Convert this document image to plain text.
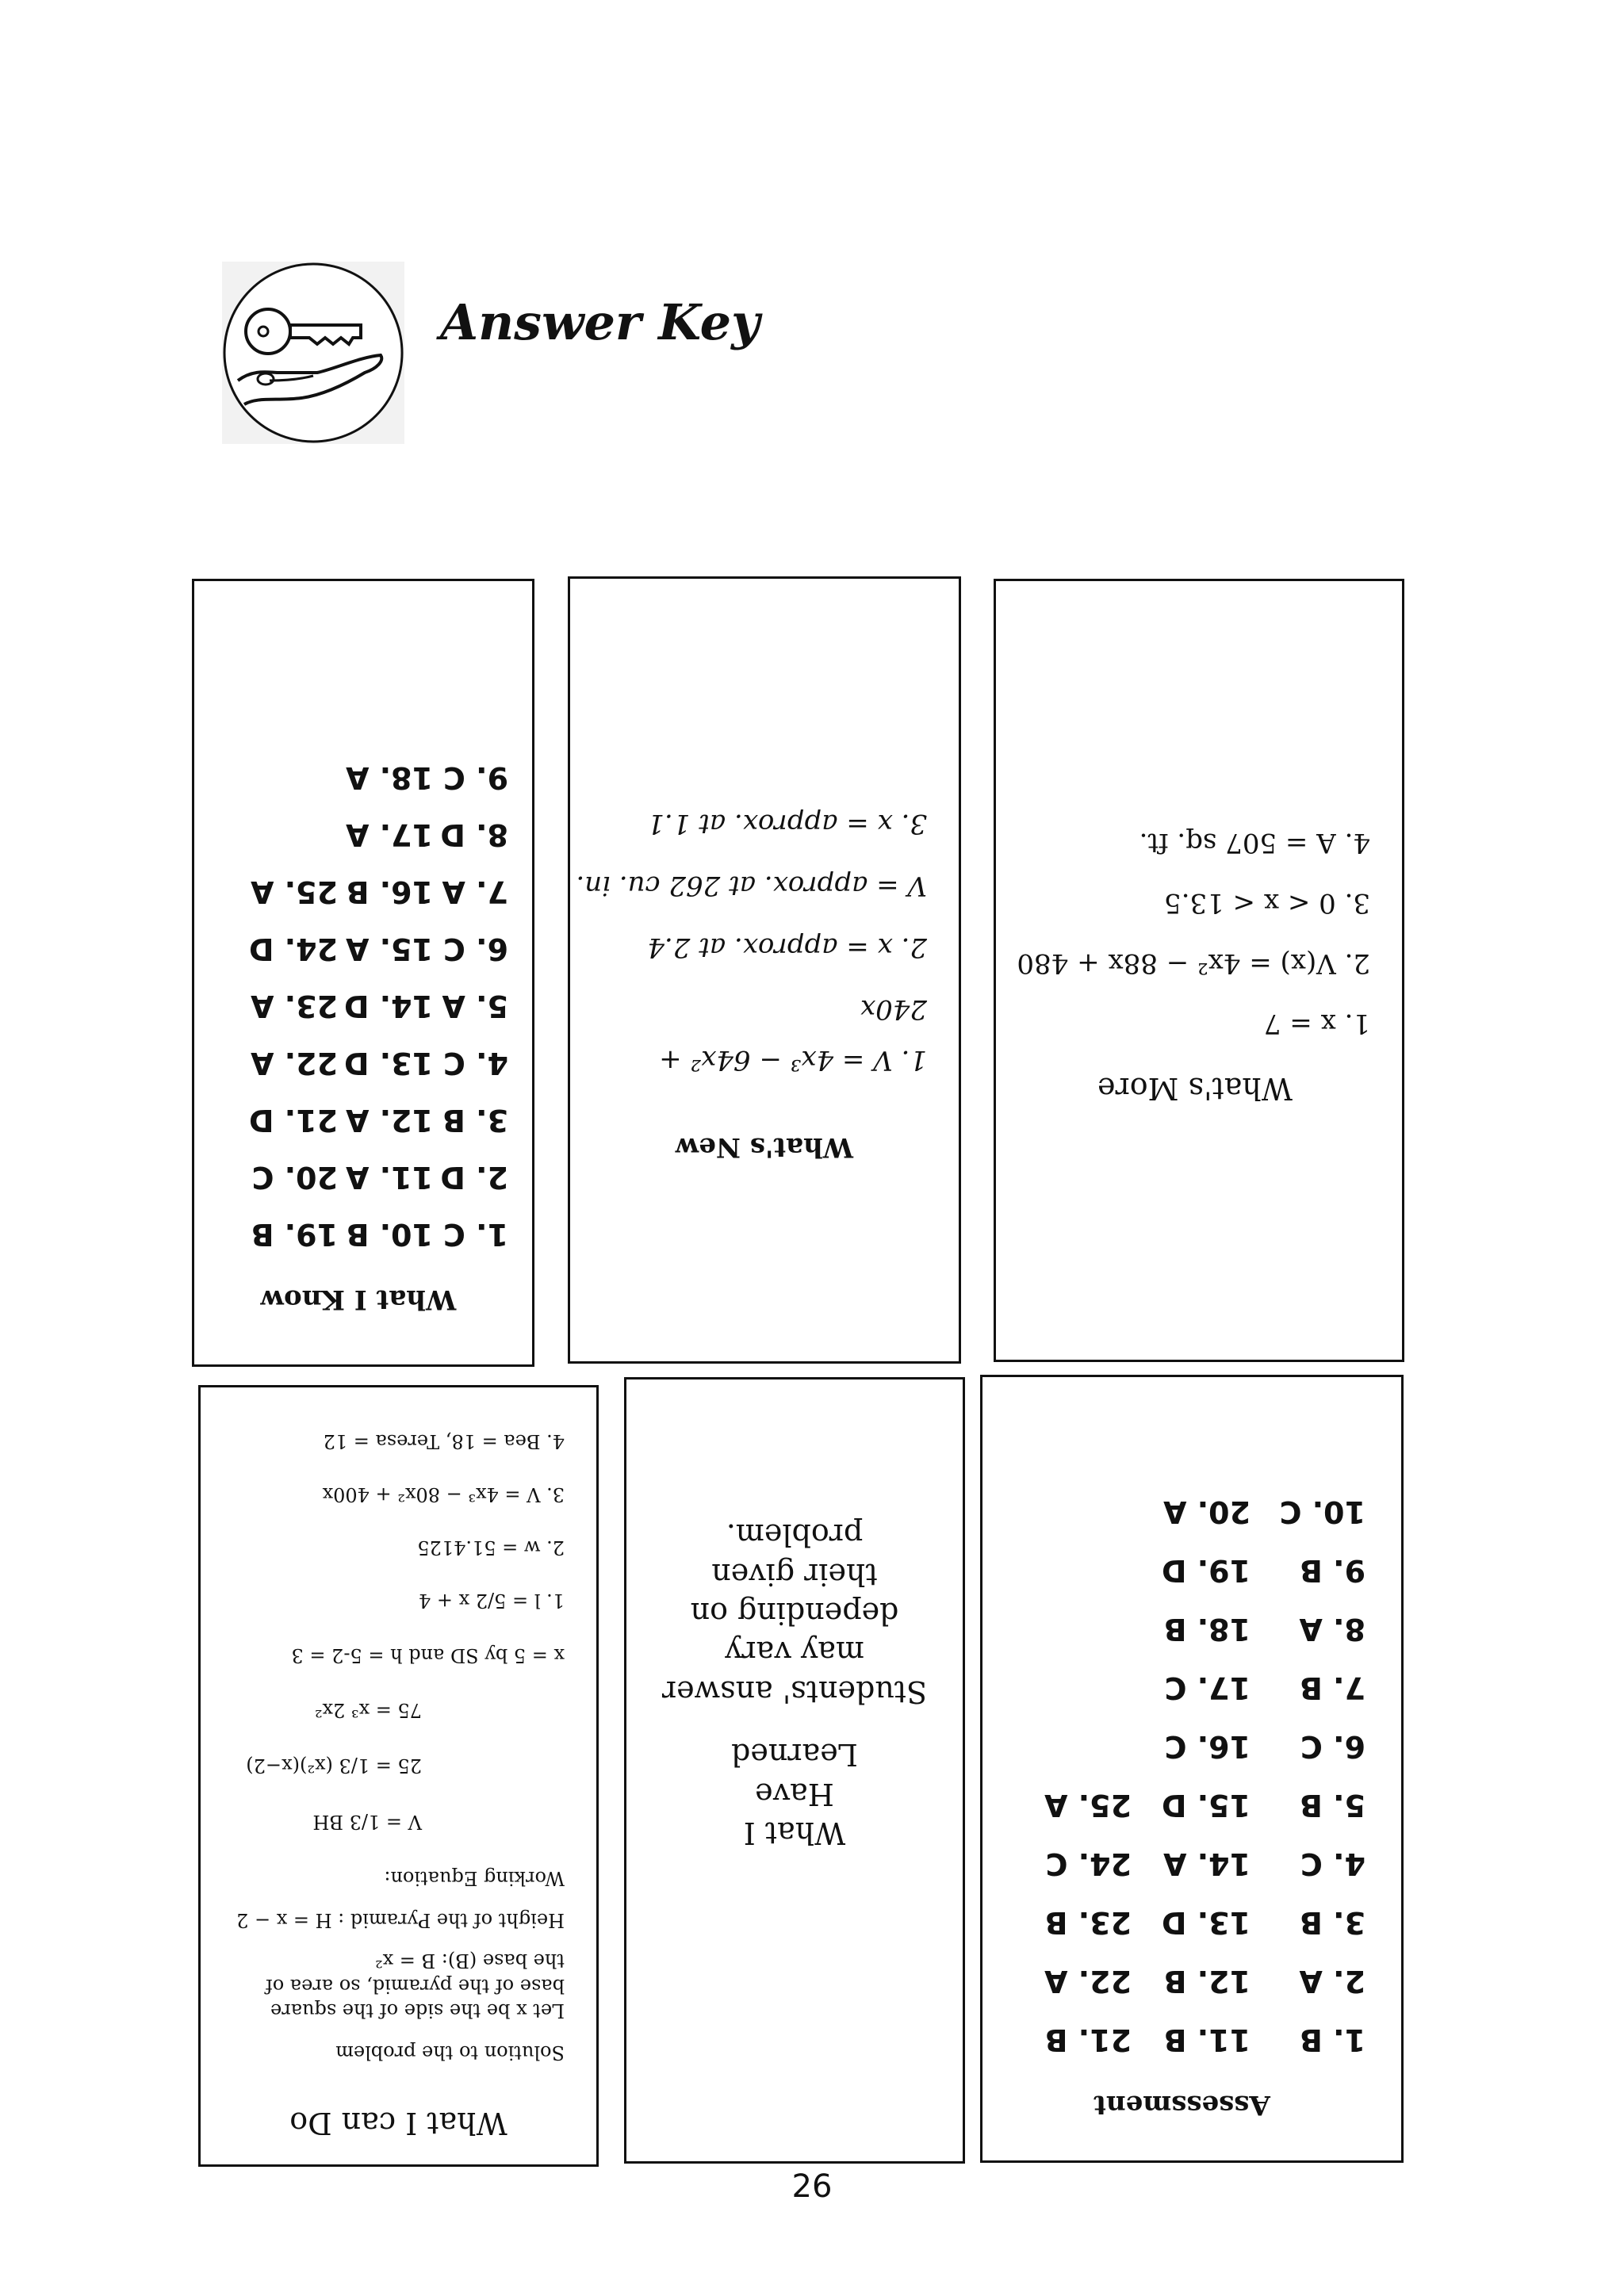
Answer Key
What I Know
1. C
10. B
19. B
2. D
11. A
20. C
3. B
12. A
21. D
4. C
13. D
22. A
5. A
14. D
23. A
6. C
15. A
24. D
7. A
16. B
25. A
8. D
17. A
9. C
18. A
What's New
1. V = 4x³ − 64x² +
240x
2. x = approx. at 2.4
V = approx. at 262 cu. in.
3. x = approx. at 1.1
What's More
1. x = 7
2. V(x) = 4x² − 88x + 480
3. 0 < x < 13.5
4. A = 507 sq. ft.
What I can Do
Solution to the problem
Let x be the side of the square base of the pyramid, so area of the base (B): B = x²
Height of the Pyramid : H = x − 2
Working Equation:
V = 1/3 BH
25 = 1/3 (x²)(x−2)
75 = x³ 2x²
x = 5 by SD and h = 5-2 = 3
1. l = 5/2 x + 4
2. w = 51.4125
3. V = 4x³ − 80x² + 400x
4. Bea = 18, Teresa = 12
What I Have Learned
Students' answer may vary depending on their given problem.
Assessment
1. B
11. B
21. B
2. A
12. B
22. A
3. B
13. D
23. B
4. C
14. A
24. C
5. B
15. D
25. A
6. C
16. C
7. B
17. C
8. A
18. B
9. B
19. D
10. C
20. A
26
